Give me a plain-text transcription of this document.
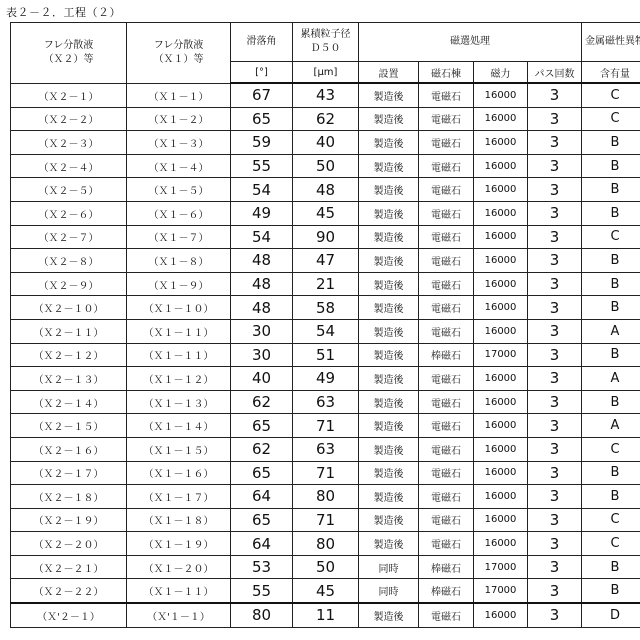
表２－２．工程（２）
フレ分散液
（Ｘ２）等	フレ分散液
（Ｘ１）等	滑落角	累積粒子径
Ｄ５０	磁選処理	金属磁性異物
[°]	[μm]	設置	磁石棟	磁力	パス回数	含有量
（Ｘ２－１）	（Ｘ１－１）	67	43	製造後	電磁石	16000	3	C
（Ｘ２－２）	（Ｘ１－２）	65	62	製造後	電磁石	16000	3	C
（Ｘ２－３）	（Ｘ１－３）	59	40	製造後	電磁石	16000	3	B
（Ｘ２－４）	（Ｘ１－４）	55	50	製造後	電磁石	16000	3	B
（Ｘ２－５）	（Ｘ１－５）	54	48	製造後	電磁石	16000	3	B
（Ｘ２－６）	（Ｘ１－６）	49	45	製造後	電磁石	16000	3	B
（Ｘ２－７）	（Ｘ１－７）	54	90	製造後	電磁石	16000	3	C
（Ｘ２－８）	（Ｘ１－８）	48	47	製造後	電磁石	16000	3	B
（Ｘ２－９）	（Ｘ１－９）	48	21	製造後	電磁石	16000	3	B
（Ｘ２－１０）	（Ｘ１－１０）	48	58	製造後	電磁石	16000	3	B
（Ｘ２－１１）	（Ｘ１－１１）	30	54	製造後	電磁石	16000	3	A
（Ｘ２－１２）	（Ｘ１－１１）	30	51	製造後	棒磁石	17000	3	B
（Ｘ２－１３）	（Ｘ１－１２）	40	49	製造後	電磁石	16000	3	A
（Ｘ２－１４）	（Ｘ１－１３）	62	63	製造後	電磁石	16000	3	B
（Ｘ２－１５）	（Ｘ１－１４）	65	71	製造後	電磁石	16000	3	A
（Ｘ２－１６）	（Ｘ１－１５）	62	63	製造後	電磁石	16000	3	C
（Ｘ２－１７）	（Ｘ１－１６）	65	71	製造後	電磁石	16000	3	B
（Ｘ２－１８）	（Ｘ１－１７）	64	80	製造後	電磁石	16000	3	B
（Ｘ２－１９）	（Ｘ１－１８）	65	71	製造後	電磁石	16000	3	C
（Ｘ２－２０）	（Ｘ１－１９）	64	80	製造後	電磁石	16000	3	C
（Ｘ２－２１）	（Ｘ１－２０）	53	50	同時	棒磁石	17000	3	B
（Ｘ２－２２）	（Ｘ１－１１）	55	45	同時	棒磁石	17000	3	B
（Ｘ'２－１）	（Ｘ'１－１）	80	11	製造後	電磁石	16000	3	D
